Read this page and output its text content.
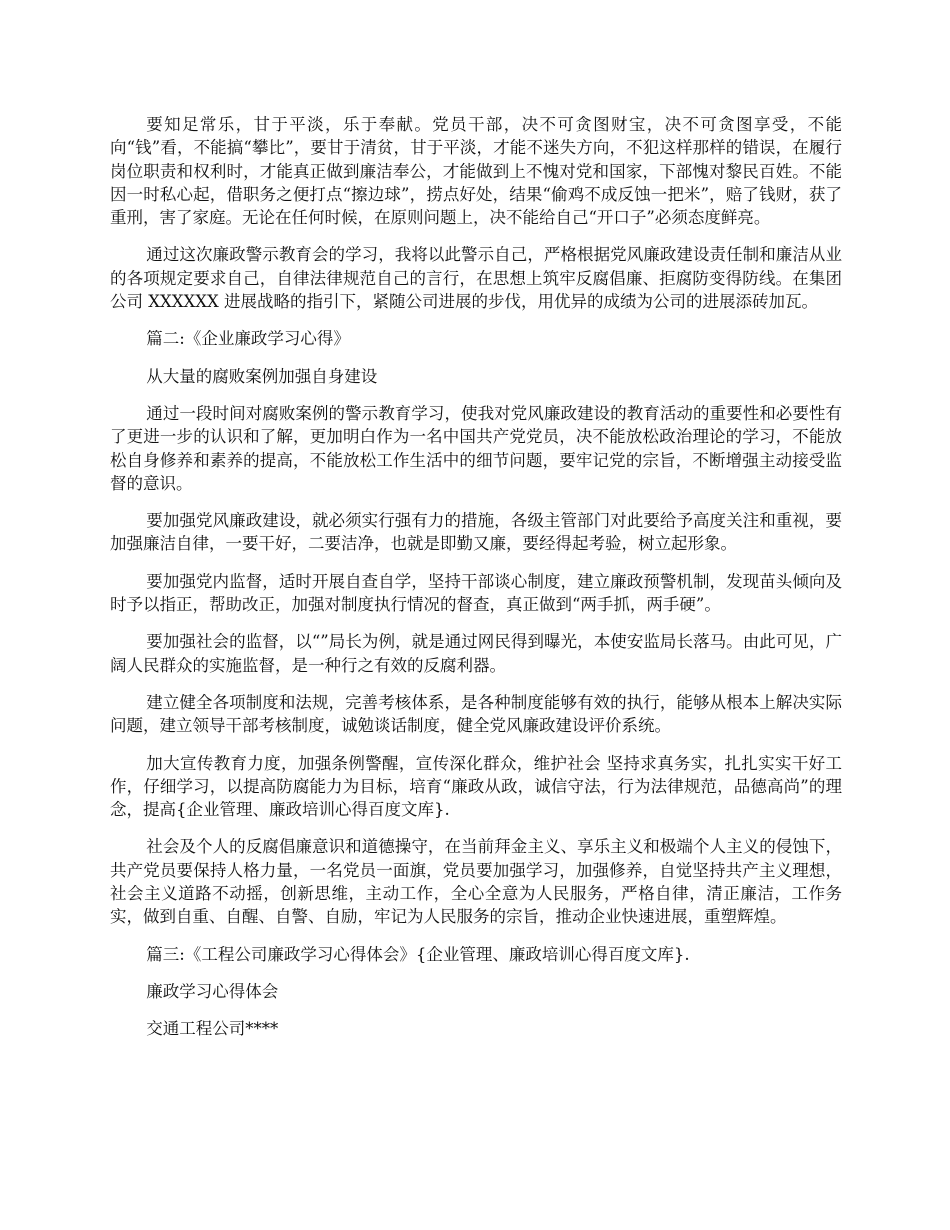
要知足常乐，甘于平淡，乐于奉献。党员干部，决不可贪图财宝，决不可贪图享受，不能向“钱”看，不能搞“攀比”，要甘于清贫，甘于平淡，才能不迷失方向，不犯这样那样的错误，在履行岗位职责和权利时，才能真正做到廉洁奉公，才能做到上不愧对党和国家，下部愧对黎民百姓。不能因一时私心起，借职务之便打点“擦边球”，捞点好处，结果“偷鸡不成反蚀一把米”，赔了钱财，获了重刑，害了家庭。无论在任何时候，在原则问题上，决不能给自己“开口子”必须态度鲜亮。

通过这次廉政警示教育会的学习，我将以此警示自己，严格根据党风廉政建设责任制和廉洁从业的各项规定要求自己，自律法律规范自己的言行，在思想上筑牢反腐倡廉、拒腐防变得防线。在集团公司 XXXXXX 进展战略的指引下，紧随公司进展的步伐，用优异的成绩为公司的进展添砖加瓦。

篇二:《企业廉政学习心得》

从大量的腐败案例加强自身建设

通过一段时间对腐败案例的警示教育学习，使我对党风廉政建设的教育活动的重要性和必要性有了更进一步的认识和了解，更加明白作为一名中国共产党党员，决不能放松政治理论的学习，不能放松自身修养和素养的提高，不能放松工作生活中的细节问题，要牢记党的宗旨，不断增强主动接受监督的意识。

要加强党风廉政建设，就必须实行强有力的措施，各级主管部门对此要给予高度关注和重视，要加强廉洁自律，一要干好，二要洁净，也就是即勤又廉，要经得起考验，树立起形象。

要加强党内监督，适时开展自查自学，坚持干部谈心制度，建立廉政预警机制，发现苗头倾向及时予以指正，帮助改正，加强对制度执行情况的督查，真正做到“两手抓，两手硬”。

要加强社会的监督，以“”局长为例，就是通过网民得到曝光，本使安监局长落马。由此可见，广阔人民群众的实施监督，是一种行之有效的反腐利器。

建立健全各项制度和法规，完善考核体系，是各种制度能够有效的执行，能够从根本上解决实际问题，建立领导干部考核制度，诚勉谈话制度，健全党风廉政建设评价系统。

加大宣传教育力度，加强条例警醒，宣传深化群众，维护社会 坚持求真务实，扎扎实实干好工作，仔细学习，以提高防腐能力为目标，培育“廉政从政，诚信守法，行为法律规范，品德高尚”的理念，提高{企业管理、廉政培训心得百度文库}.

社会及个人的反腐倡廉意识和道德操守，在当前拜金主义、享乐主义和极端个人主义的侵蚀下，共产党员要保持人格力量，一名党员一面旗，党员要加强学习，加强修养，自觉坚持共产主义理想，社会主义道路不动摇，创新思维，主动工作，全心全意为人民服务，严格自律，清正廉洁，工作务实，做到自重、自醒、自警、自励，牢记为人民服务的宗旨，推动企业快速进展，重塑辉煌。

篇三:《工程公司廉政学习心得体会》{企业管理、廉政培训心得百度文库}.

廉政学习心得体会

交通工程公司****
